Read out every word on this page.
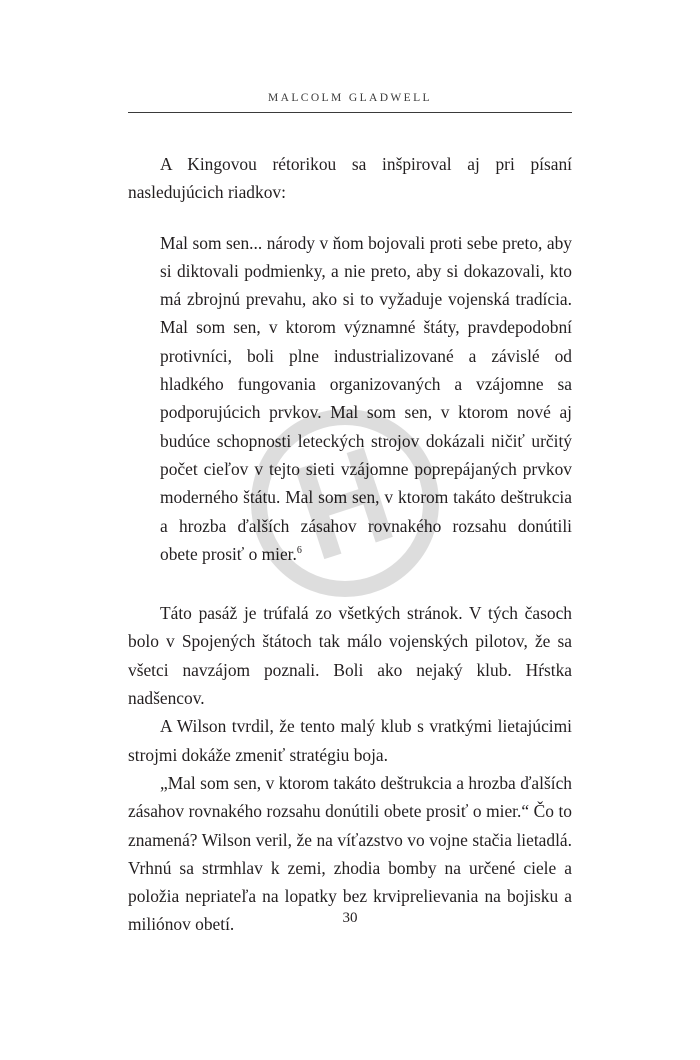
MALCOLM GLADWELL

A Kingovou rétorikou sa inšpiroval aj pri písaní nasledujúcich riadkov:

Mal som sen... národy v ňom bojovali proti sebe preto, aby si diktovali podmienky, a nie preto, aby si dokazovali, kto má zbrojnú prevahu, ako si to vyžaduje vojenská tradícia. Mal som sen, v ktorom významné štáty, pravdepodobní protivníci, boli plne industrializované a závislé od hladkého fungovania organizovaných a vzájomne sa podporujúcich prvkov. Mal som sen, v ktorom nové aj budúce schopnosti leteckých strojov dokázali ničiť určitý počet cieľov v tejto sieti vzájomne poprepájaných prvkov moderného štátu. Mal som sen, v ktorom takáto deštrukcia a hrozba ďalších zásahov rovnakého rozsahu donútili obete prosiť o mier.$^6$

Táto pasáž je trúfalá zo všetkých stránok. V tých časoch bolo v Spojených štátoch tak málo vojenských pilotov, že sa všetci navzájom poznali. Boli ako nejaký klub. Hŕstka nadšencov.

A Wilson tvrdil, že tento malý klub s vratkými lietajúcimi strojmi dokáže zmeniť stratégiu boja.

„Mal som sen, v ktorom takáto deštrukcia a hrozba ďalších zásahov rovnakého rozsahu donútili obete prosiť o mier.“ Čo to znamená? Wilson veril, že na víťazstvo vo vojne stačia lietadlá. Vrhnú sa strmhlav k zemi, zhodia bomby na určené ciele a položia nepriateľa na lopatky bez krviprelievania na bojisku a miliónov obetí.	30
